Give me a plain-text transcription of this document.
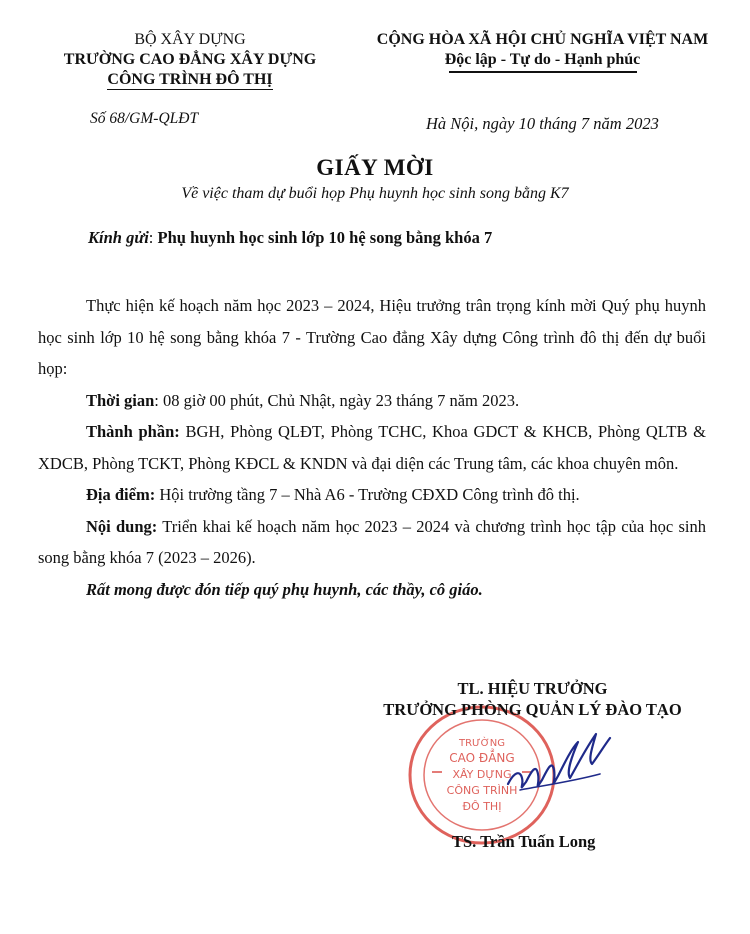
BỘ XÂY DỰNG
TRƯỜNG CAO ĐẲNG XÂY DỰNG
CÔNG TRÌNH ĐÔ THỊ
CỘNG HÒA XÃ HỘI CHỦ NGHĨA VIỆT NAM
Độc lập - Tự do - Hạnh phúc
Số 68/GM-QLĐT	Hà Nội, ngày 10 tháng 7 năm 2023
GIẤY MỜI
Về việc tham dự buổi họp Phụ huynh học sinh song bằng K7
Kính gửi: Phụ huynh học sinh lớp 10 hệ song bằng khóa 7

Thực hiện kế hoạch năm học 2023 – 2024, Hiệu trưởng trân trọng kính mời Quý phụ huynh học sinh lớp 10 hệ song bằng khóa 7 - Trường Cao đẳng Xây dựng Công trình đô thị đến dự buổi họp:

Thời gian: 08 giờ 00 phút, Chủ Nhật, ngày 23 tháng 7 năm 2023.

Thành phần: BGH, Phòng QLĐT, Phòng TCHC, Khoa GDCT & KHCB, Phòng QLTB & XDCB, Phòng TCKT, Phòng KĐCL & KNDN và đại diện các Trung tâm, các khoa chuyên môn.

Địa điểm: Hội trường tầng 7 – Nhà A6 - Trường CĐXD Công trình đô thị.

Nội dung: Triển khai kế hoạch năm học 2023 – 2024 và chương trình học tập của học sinh song bằng khóa 7 (2023 – 2026).

Rất mong được đón tiếp quý phụ huynh, các thầy, cô giáo.

TRƯỜNG
CAO ĐẲNG
XÂY DỰNG
CÔNG TRÌNH
ĐÔ THỊ
TL. HIỆU TRƯỞNG
TRƯỞNG PHÒNG QUẢN LÝ ĐÀO TẠO
TS. Trần Tuấn Long
